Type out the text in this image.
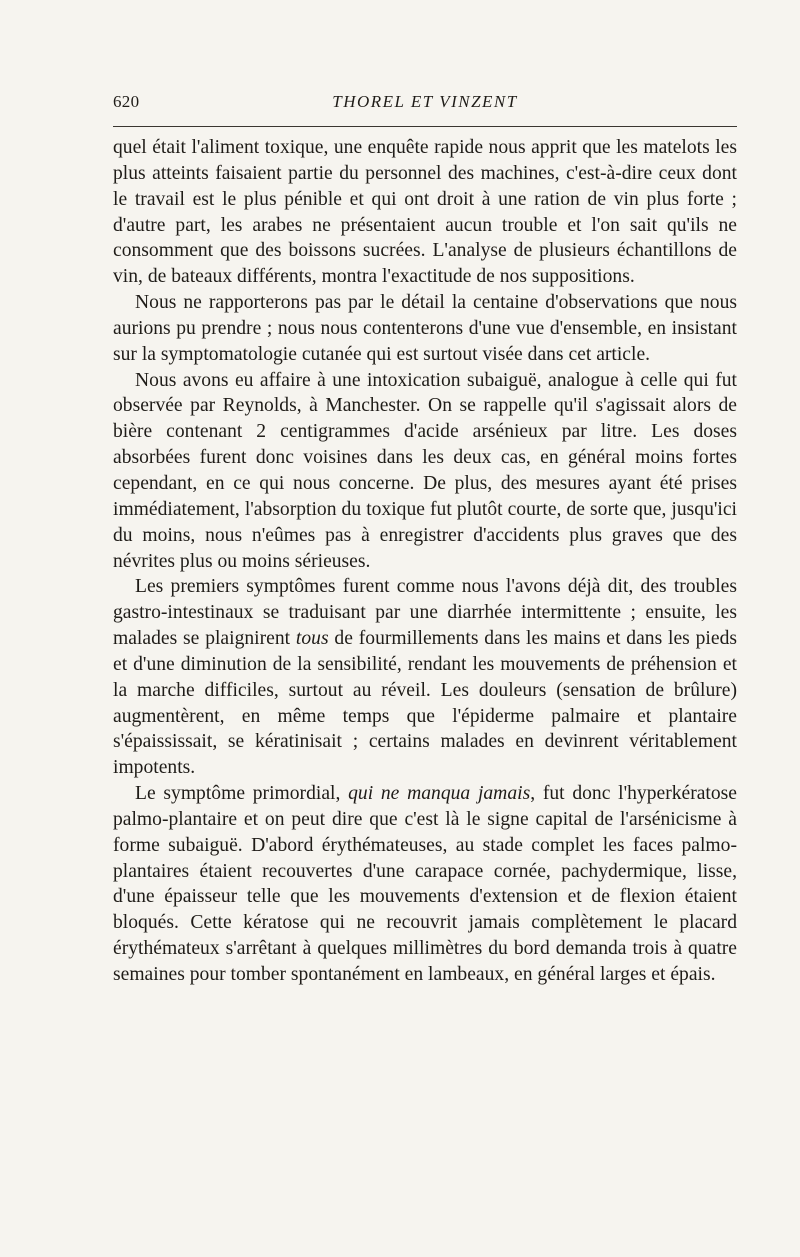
620	THOREL ET VINZENT

quel était l'aliment toxique, une enquête rapide nous apprit que les matelots les plus atteints faisaient partie du personnel des machines, c'est-à-dire ceux dont le travail est le plus pénible et qui ont droit à une ration de vin plus forte ; d'autre part, les arabes ne présentaient aucun trouble et l'on sait qu'ils ne consomment que des boissons sucrées. L'analyse de plusieurs échantillons de vin, de bateaux différents, montra l'exactitude de nos suppositions.

Nous ne rapporterons pas par le détail la centaine d'observations que nous aurions pu prendre ; nous nous contenterons d'une vue d'ensemble, en insistant sur la symptomatologie cutanée qui est surtout visée dans cet article.

Nous avons eu affaire à une intoxication subaiguë, analogue à celle qui fut observée par Reynolds, à Manchester. On se rappelle qu'il s'agissait alors de bière contenant 2 centigrammes d'acide arsénieux par litre. Les doses absorbées furent donc voisines dans les deux cas, en général moins fortes cependant, en ce qui nous concerne. De plus, des mesures ayant été prises immédiatement, l'absorption du toxique fut plutôt courte, de sorte que, jusqu'ici du moins, nous n'eûmes pas à enregistrer d'accidents plus graves que des névrites plus ou moins sérieuses.

Les premiers symptômes furent comme nous l'avons déjà dit, des troubles gastro-intestinaux se traduisant par une diarrhée intermittente ; ensuite, les malades se plaignirent tous de fourmillements dans les mains et dans les pieds et d'une diminution de la sensibilité, rendant les mouvements de préhension et la marche difficiles, surtout au réveil. Les douleurs (sensation de brûlure) augmentèrent, en même temps que l'épiderme palmaire et plantaire s'épaississait, se kératinisait ; certains malades en devinrent véritablement impotents.

Le symptôme primordial, qui ne manqua jamais, fut donc l'hyperkératose palmo-plantaire et on peut dire que c'est là le signe capital de l'arsénicisme à forme subaiguë. D'abord érythémateuses, au stade complet les faces palmo-plantaires étaient recouvertes d'une carapace cornée, pachydermique, lisse, d'une épaisseur telle que les mouvements d'extension et de flexion étaient bloqués. Cette kératose qui ne recouvrit jamais complètement le placard érythémateux s'arrêtant à quelques millimètres du bord demanda trois à quatre semaines pour tomber spontanément en lambeaux, en général larges et épais.
